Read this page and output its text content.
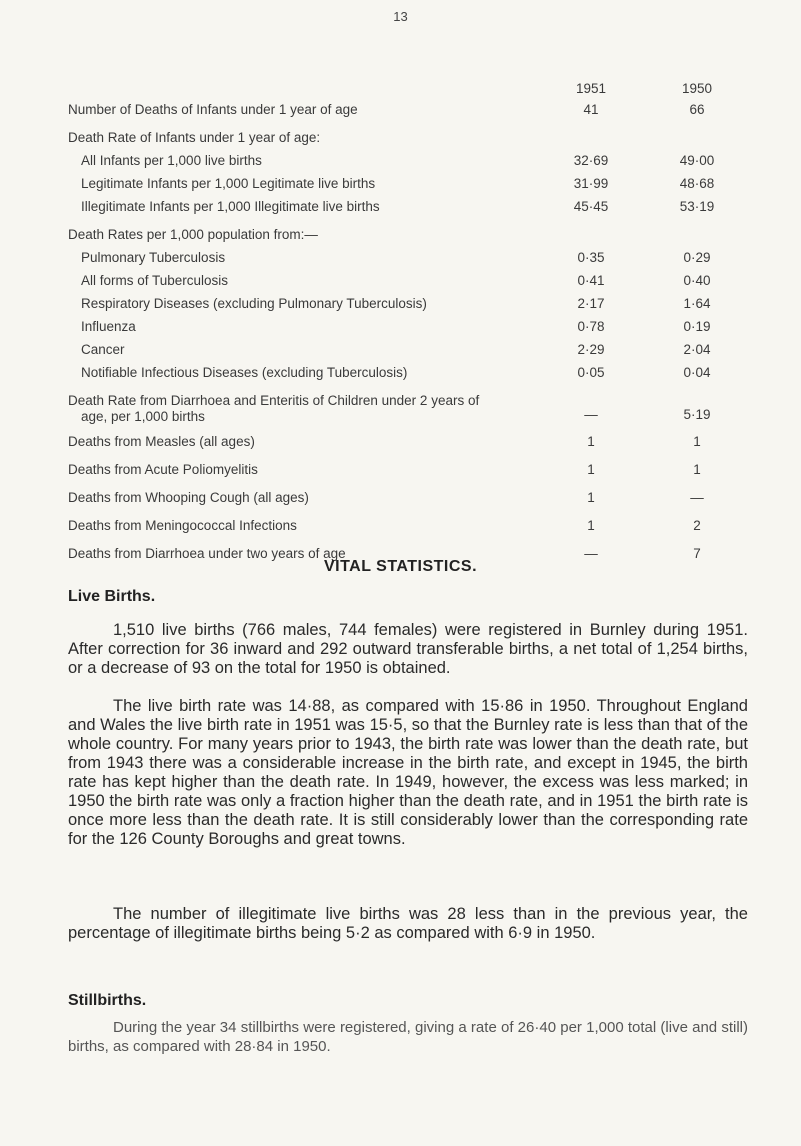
13
1951	1950
Number of Deaths of Infants under 1 year of age	41	66
Death Rate of Infants under 1 year of age:
All Infants per 1,000 live births	32·69	49·00
Legitimate Infants per 1,000 Legitimate live births	31·99	48·68
Illegitimate Infants per 1,000 Illegitimate live births	45·45	53·19
Death Rates per 1,000 population from:—
Pulmonary Tuberculosis	0·35	0·29
All forms of Tuberculosis	0·41	0·40
Respiratory Diseases (excluding Pulmonary Tuberculosis)	2·17	1·64
Influenza	0·78	0·19
Cancer	2·29	2·04
Notifiable Infectious Diseases (excluding Tuberculosis)	0·05	0·04
Death Rate from Diarrhoea and Enteritis of Children under 2 years of
age, per 1,000 births	—	5·19
Deaths from Measles (all ages)	1	1
Deaths from Acute Poliomyelitis	1	1
Deaths from Whooping Cough (all ages)	1	—
Deaths from Meningococcal Infections	1	2
Deaths from Diarrhoea under two years of age	—	7
VITAL STATISTICS.
Live Births.

1,510 live births (766 males, 744 females) were registered in Burnley during 1951. After correction for 36 inward and 292 outward transferable births, a net total of 1,254 births, or a decrease of 93 on the total for 1950 is obtained.

The live birth rate was 14·88, as compared with 15·86 in 1950. Throughout England and Wales the live birth rate in 1951 was 15·5, so that the Burnley rate is less than that of the whole country. For many years prior to 1943, the birth rate was lower than the death rate, but from 1943 there was a considerable increase in the birth rate, and except in 1945, the birth rate has kept higher than the death rate. In 1949, however, the excess was less marked; in 1950 the birth rate was only a fraction higher than the death rate, and in 1951 the birth rate is once more less than the death rate. It is still considerably lower than the corresponding rate for the 126 County Boroughs and great towns.

The number of illegitimate live births was 28 less than in the previous year, the percentage of illegitimate births being 5·2 as compared with 6·9 in 1950.

Stillbirths.

During the year 34 stillbirths were registered, giving a rate of 26·40 per 1,000 total (live and still) births, as compared with 28·84 in 1950.
